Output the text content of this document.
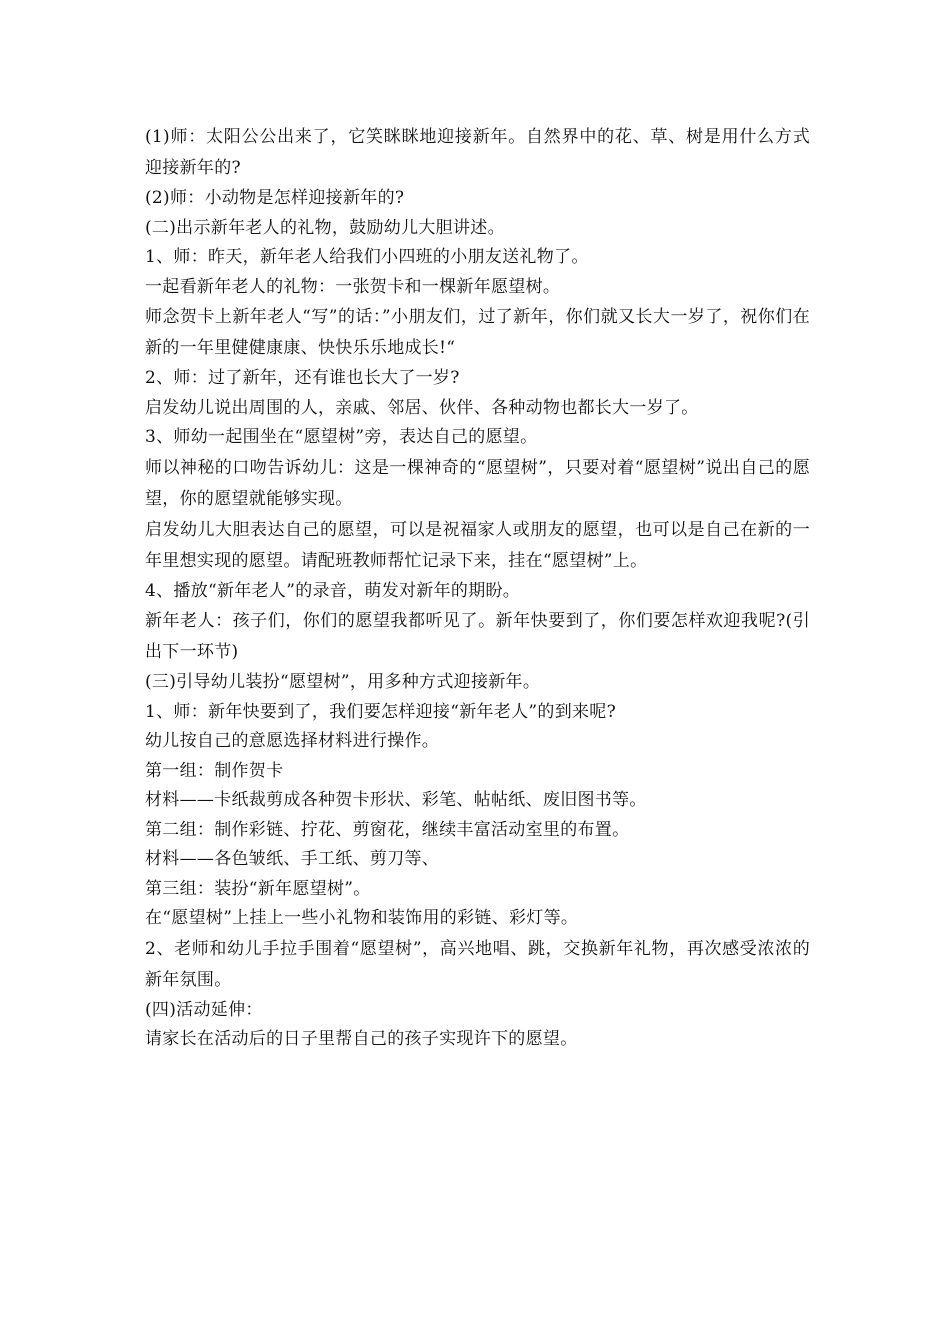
(1)师：太阳公公出来了，它笑眯眯地迎接新年。自然界中的花、草、树是用什么方式迎接新年的?

(2)师：小动物是怎样迎接新年的?

(二)出示新年老人的礼物，鼓励幼儿大胆讲述。

1、师：昨天，新年老人给我们小四班的小朋友送礼物了。

一起看新年老人的礼物：一张贺卡和一棵新年愿望树。

师念贺卡上新年老人“写”的话：”小朋友们，过了新年，你们就又长大一岁了，祝你们在新的一年里健健康康、快快乐乐地成长!“

2、师：过了新年，还有谁也长大了一岁?

启发幼儿说出周围的人，亲戚、邻居、伙伴、各种动物也都长大一岁了。

3、师幼一起围坐在“愿望树”旁，表达自己的愿望。

师以神秘的口吻告诉幼儿：这是一棵神奇的“愿望树”，只要对着“愿望树”说出自己的愿望，你的愿望就能够实现。

启发幼儿大胆表达自己的愿望，可以是祝福家人或朋友的愿望，也可以是自己在新的一年里想实现的愿望。请配班教师帮忙记录下来，挂在“愿望树”上。

4、播放“新年老人”的录音，萌发对新年的期盼。

新年老人：孩子们，你们的愿望我都听见了。新年快要到了，你们要怎样欢迎我呢?(引出下一环节)

(三)引导幼儿装扮“愿望树”，用多种方式迎接新年。

1、师：新年快要到了，我们要怎样迎接“新年老人”的到来呢?

幼儿按自己的意愿选择材料进行操作。

第一组：制作贺卡

材料——卡纸裁剪成各种贺卡形状、彩笔、帖帖纸、废旧图书等。

第二组：制作彩链、拧花、剪窗花，继续丰富活动室里的布置。

材料——各色皱纸、手工纸、剪刀等、

第三组：装扮“新年愿望树”。

在“愿望树”上挂上一些小礼物和装饰用的彩链、彩灯等。

2、老师和幼儿手拉手围着“愿望树”，高兴地唱、跳，交换新年礼物，再次感受浓浓的新年氛围。

(四)活动延伸：

请家长在活动后的日子里帮自己的孩子实现许下的愿望。
